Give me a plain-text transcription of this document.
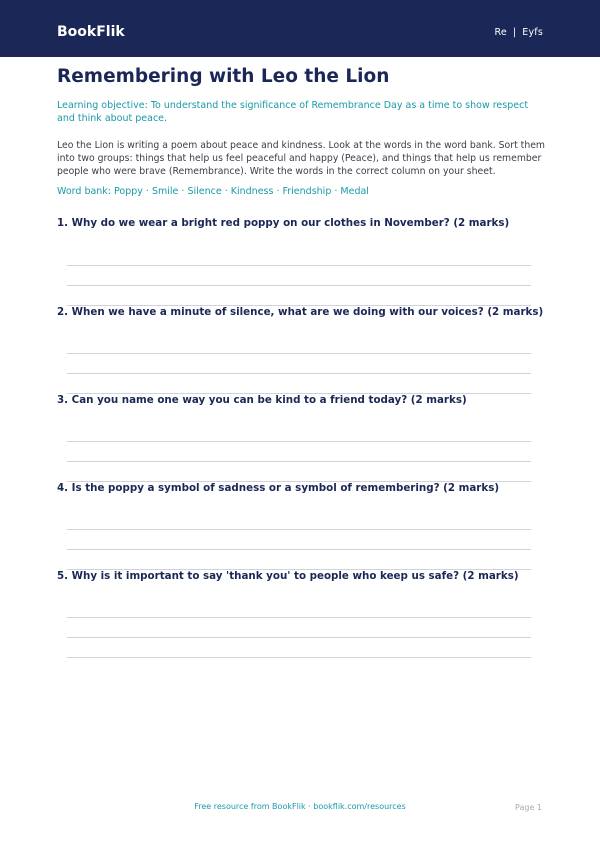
BookFlik	Re | Eyfs
Remembering with Leo the Lion
Learning objective: To understand the significance of Remembrance Day as a time to show respect and think about peace.
Leo the Lion is writing a poem about peace and kindness. Look at the words in the word bank. Sort them into two groups: things that help us feel peaceful and happy (Peace), and things that help us remember people who were brave (Remembrance). Write the words in the correct column on your sheet.
Word bank: Poppy · Smile · Silence · Kindness · Friendship · Medal
1. Why do we wear a bright red poppy on our clothes in November? (2 marks)
2. When we have a minute of silence, what are we doing with our voices? (2 marks)
3. Can you name one way you can be kind to a friend today? (2 marks)
4. Is the poppy a symbol of sadness or a symbol of remembering? (2 marks)
5. Why is it important to say 'thank you' to people who keep us safe? (2 marks)
Free resource from BookFlik · bookflik.com/resources	Page 1
